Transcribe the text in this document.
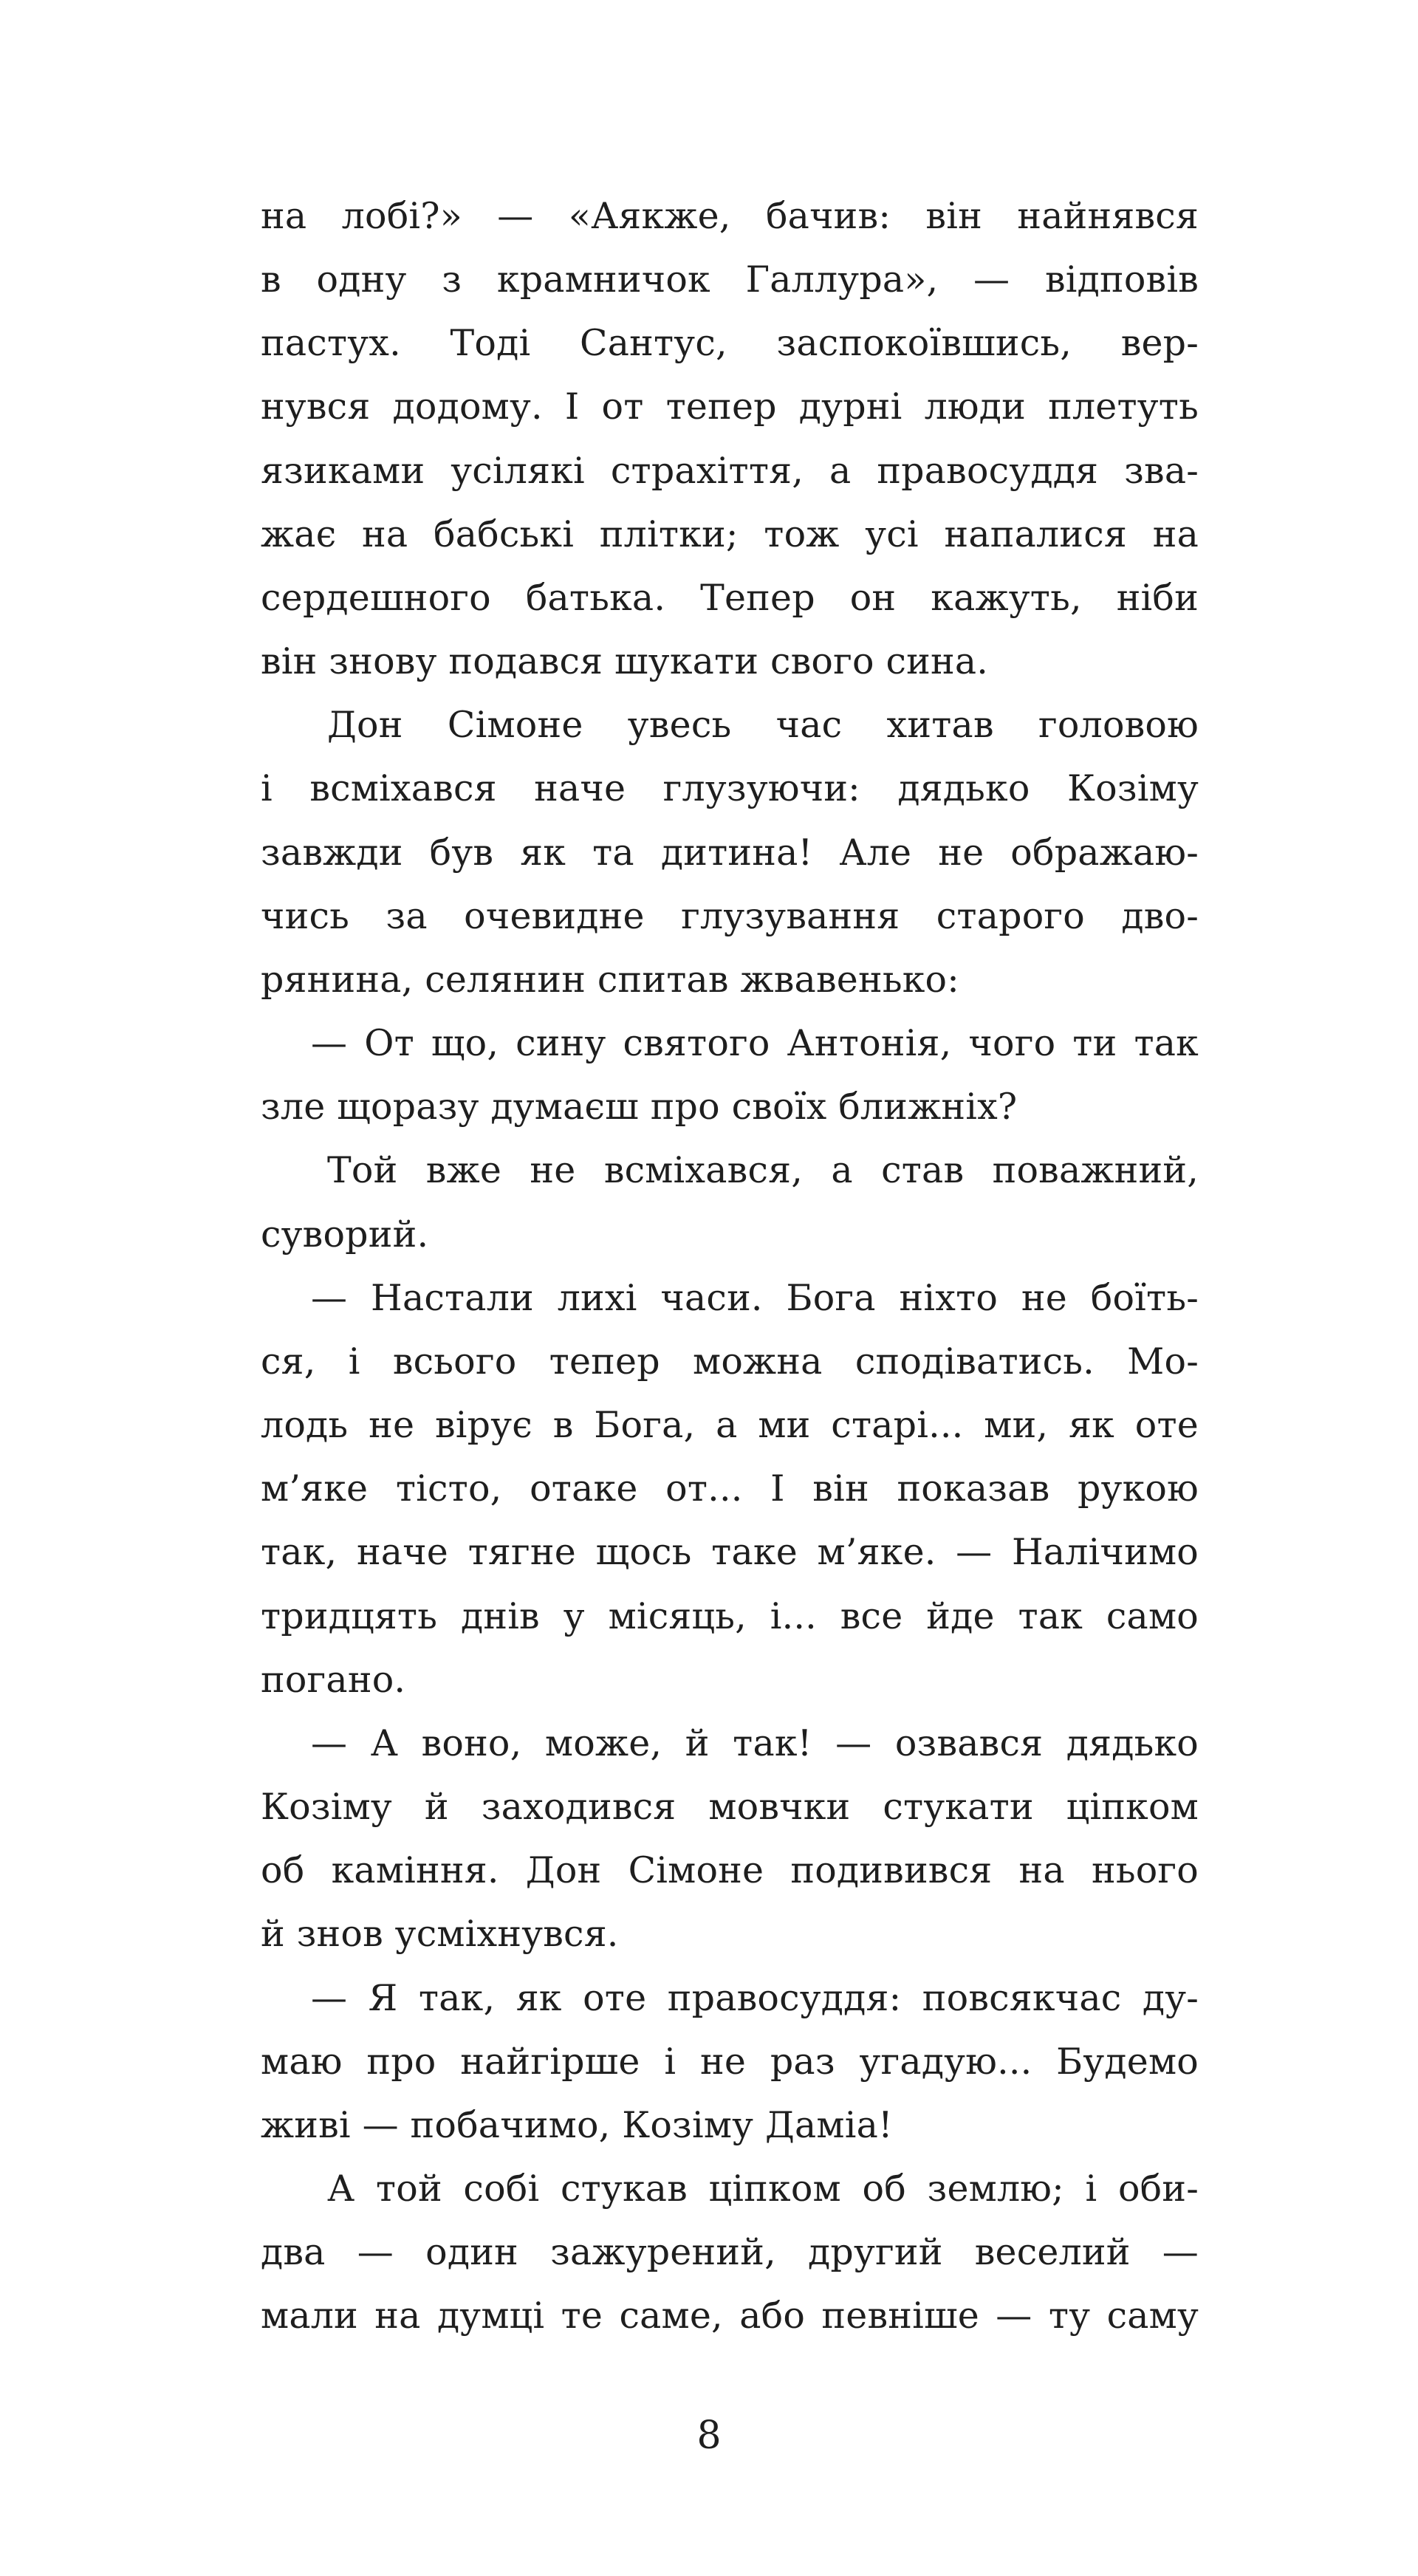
на лобі?» — «Аякже, бачив: він найнявся
в одну з крамничок Галлура», — відповів
пастух. Тоді Сантус, заспокоївшись, вер-
нувся додому. І от тепер дурні люди плетуть
язиками усілякі страхіття, а правосуддя зва-
жає на бабські плітки; тож усі напалися на
сердешного батька. Тепер он кажуть, ніби
він знову подався шукати свого сина.
Дон Сімоне увесь час хитав головою
і всміхався наче глузуючи: дядько Козіму
завжди був як та дитина! Але не ображаю-
чись за очевидне глузування старого дво-
рянина, селянин спитав жвавенько:
— От що, сину святого Антонія, чого ти так
зле щоразу думаєш про своїх ближніх?
Той вже не всміхався, а став поважний,
суворий.
— Настали лихі часи. Бога ніхто не боїть-
ся, і всього тепер можна сподіватись. Мо-
лодь не вірує в Бога, а ми старі... ми, як оте
м’яке тісто, отаке от... І він показав рукою
так, наче тягне щось таке м’яке. — Налічимо
тридцять днів у місяць, і... все йде так само
погано.
— А воно, може, й так! — озвався дядько
Козіму й заходився мовчки стукати ціпком
об каміння. Дон Сімоне подивився на нього
й знов усміхнувся.
— Я так, як оте правосуддя: повсякчас ду-
маю про найгірше і не раз угадую... Будемо
живі — побачимо, Козіму Даміа!
А той собі стукав ціпком об землю; і оби-
два — один зажурений, другий веселий —
мали на думці те саме, або певніше — ту саму
8
